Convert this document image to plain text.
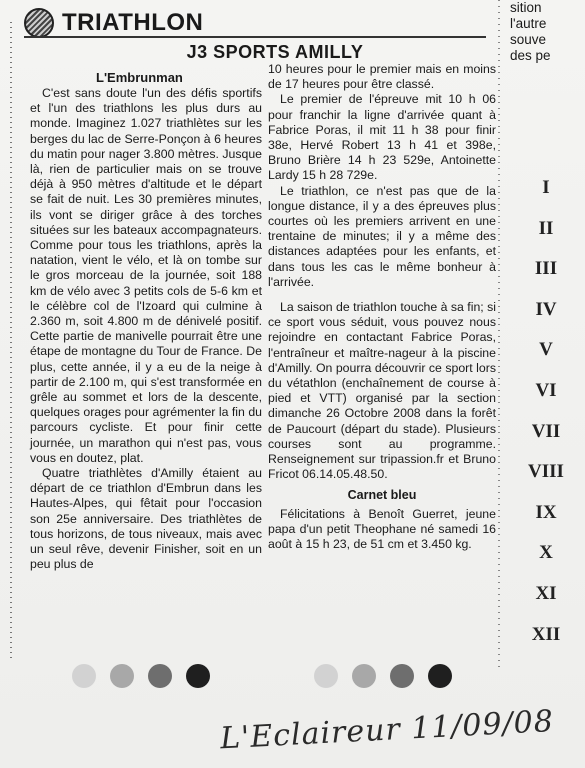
TRIATHLON
J3 SPORTS AMILLY
L'Embrunman

C'est sans doute l'un des défis sportifs et l'un des triathlons les plus durs au monde. Imaginez 1.027 triathlètes sur les berges du lac de Serre-Ponçon à 6 heures du matin pour nager 3.800 mètres. Jusque là, rien de particulier mais on se trouve déjà à 950 mètres d'altitude et le départ se fait de nuit. Les 30 premières minutes, ils vont se diriger grâce à des torches situées sur les bateaux accompagnateurs. Comme pour tous les triathlons, après la natation, vient le vélo, et là on tombe sur le gros morceau de la journée, soit 188 km de vélo avec 3 petits cols de 5-6 km et le célèbre col de l'Izoard qui culmine à 2.360 m, soit 4.800 m de dénivelé positif. Cette partie de manivelle pourrait être une étape de montagne du Tour de France. De plus, cette année, il y a eu de la neige à partir de 2.100 m, qui s'est transformée en grêle au sommet et lors de la descente, quelques orages pour agrémenter la fin du parcours cycliste. Et pour finir cette journée, un marathon qui n'est pas, vous vous en doutez, plat.

Quatre triathlètes d'Amilly étaient au départ de ce triathlon d'Embrun dans les Hautes-Alpes, qui fêtait pour l'occasion son 25e anniversaire. Des triathlètes de tous horizons, de tous niveaux, mais avec un seul rêve, devenir Finisher, soit en un peu plus de

10 heures pour le premier mais en moins de 17 heures pour être classé.

Le premier de l'épreuve mit 10 h 06 pour franchir la ligne d'arrivée quant à Fabrice Poras, il mit 11 h 38 pour finir 38e, Hervé Robert 13 h 41 et 398e, Bruno Brière 14 h 23 529e, Antoinette Lardy 15 h 28 729e.

Le triathlon, ce n'est pas que de la longue distance, il y a des épreuves plus courtes où les premiers arrivent en une trentaine de minutes; il y a même des distances adaptées pour les enfants, et dans tous les cas le même bonheur à l'arrivée.

La saison de triathlon touche à sa fin; si ce sport vous séduit, vous pouvez nous rejoindre en contactant Fabrice Poras, l'entraîneur et maître-nageur à la piscine d'Amilly. On pourra découvrir ce sport lors du vétathlon (enchaînement de course à pied et VTT) organisé par la section dimanche 26 Octobre 2008 dans la forêt de Paucourt (départ du stade). Plusieurs courses sont au programme. Renseignement sur tripassion.fr et Bruno Fricot 06.14.05.48.50.

Carnet bleu

Félicitations à Benoît Guerret, jeune papa d'un petit Theophane né samedi 16 août à 15 h 23, de 51 cm et 3.450 kg.

sition
l'autre
souve
des pe
I
II
III
IV
V
VI
VII
VIII
IX
X
XI
XII
L'Eclaireur 11/09/08
